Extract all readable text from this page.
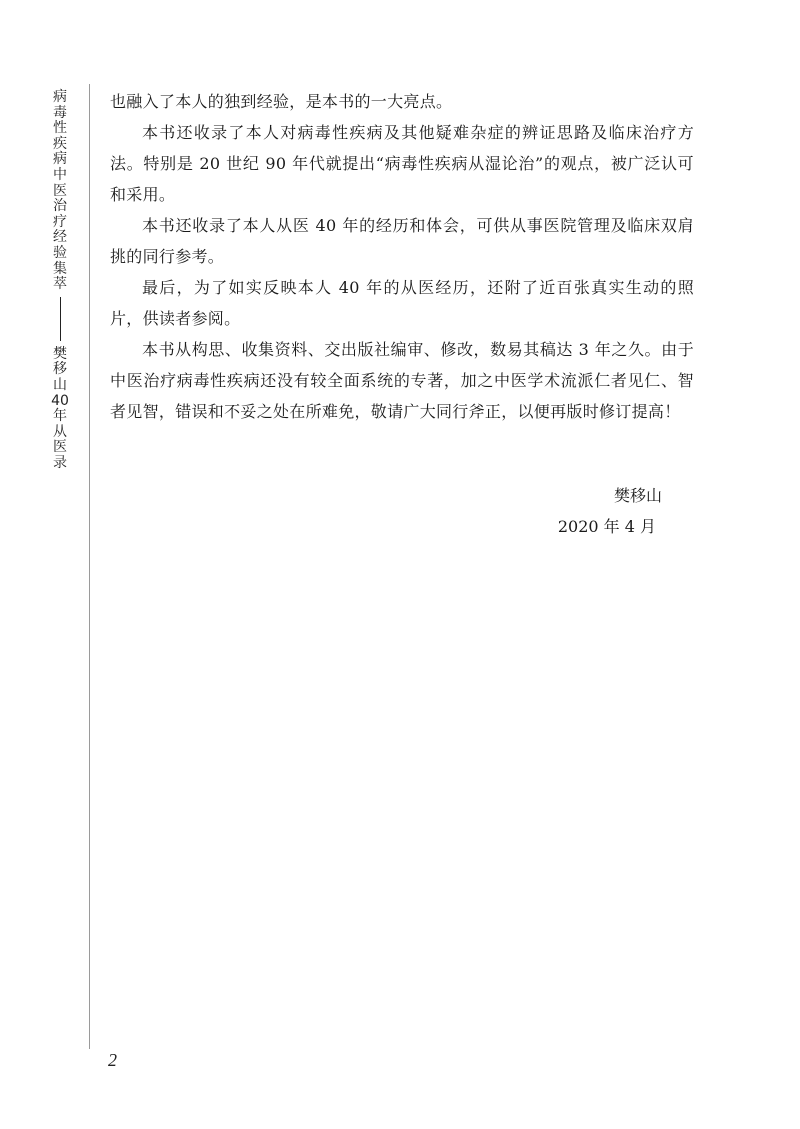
病毒性疾病中医治疗经验集萃
樊移山40年从医录

也融入了本人的独到经验，是本书的一大亮点。

本书还收录了本人对病毒性疾病及其他疑难杂症的辨证思路及临床治疗方法。特别是 20 世纪 90 年代就提出“病毒性疾病从湿论治”的观点，被广泛认可和采用。

本书还收录了本人从医 40 年的经历和体会，可供从事医院管理及临床双肩挑的同行参考。

最后，为了如实反映本人 40 年的从医经历，还附了近百张真实生动的照片，供读者参阅。

本书从构思、收集资料、交出版社编审、修改，数易其稿达 3 年之久。由于中医治疗病毒性疾病还没有较全面系统的专著，加之中医学术流派仁者见仁、智者见智，错误和不妥之处在所难免，敬请广大同行斧正，以便再版时修订提高！

樊移山
2020 年 4 月
2
